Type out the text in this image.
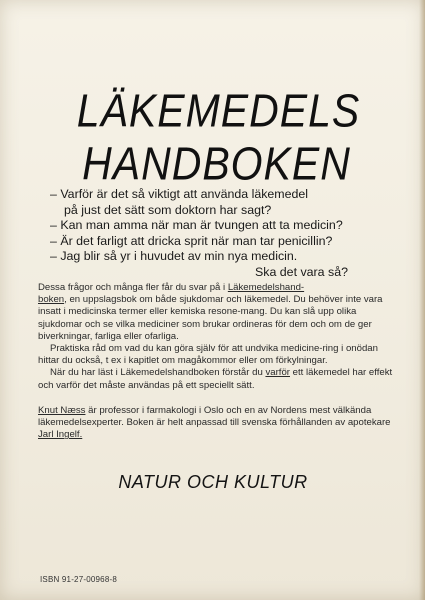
LÄKEMEDELS
HANDBOKEN
– Varför är det så viktigt att använda läkemedel
på just det sätt som doktorn har sagt?
– Kan man amma när man är tvungen att ta medicin?
– Är det farligt att dricka sprit när man tar penicillin?
– Jag blir så yr i huvudet av min nya medicin.
Ska det vara så?

Dessa frågor och många fler får du svar på i Läkemedelshand-
boken, en uppslagsbok om både sjukdomar och läkemedel. Du behöver inte vara insatt i medicinska termer eller kemiska resone-mang. Du kan slå upp olika sjukdomar och se vilka mediciner som brukar ordineras för dem och om de ger biverkningar, farliga eller ofarliga.

Praktiska råd om vad du kan göra själv för att undvika medicine-ring i onödan hittar du också, t ex i kapitlet om magåkommor eller om förkylningar.

När du har läst i Läkemedelshandboken förstår du varför ett läkemedel har effekt och varför det måste användas på ett speciellt sätt.

Knut Næss är professor i farmakologi i Oslo och en av Nordens mest välkända läkemedelsexperter. Boken är helt anpassad till svenska förhållanden av apotekare Jarl Ingelf.

NATUR OCH KULTUR
ISBN 91-27-00968-8
